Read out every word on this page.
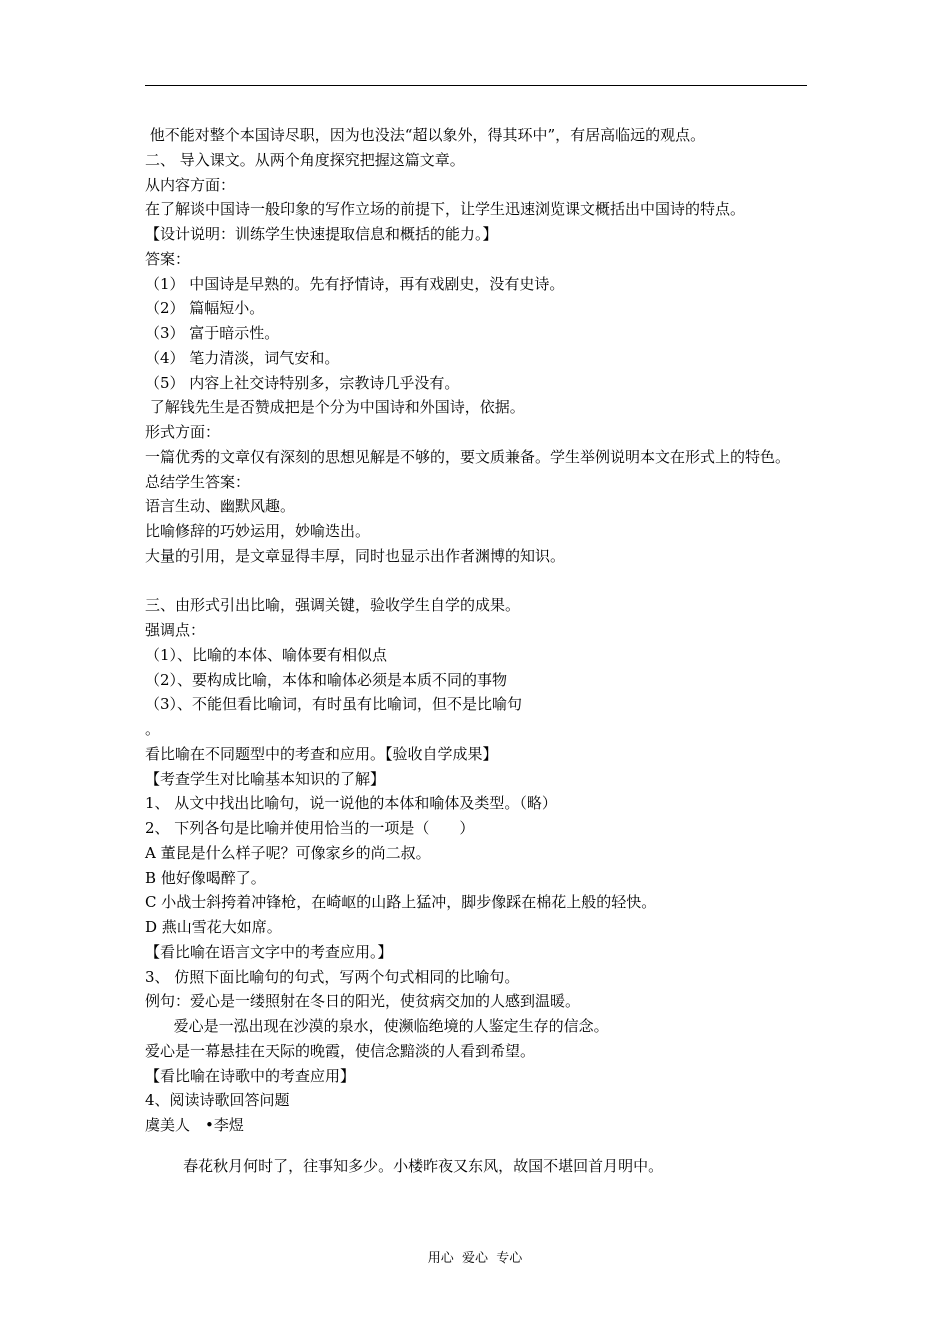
他不能对整个本国诗尽职，因为也没法“超以象外，得其环中”，有居高临远的观点。
二、 导入课文。从两个角度探究把握这篇文章。
从内容方面：
在了解谈中国诗一般印象的写作立场的前提下，让学生迅速浏览课文概括出中国诗的特点。
【设计说明：训练学生快速提取信息和概括的能力。】
答案：
（1） 中国诗是早熟的。先有抒情诗，再有戏剧史，没有史诗。
（2） 篇幅短小。
（3） 富于暗示性。
（4） 笔力清淡，词气安和。
（5） 内容上社交诗特别多，宗教诗几乎没有。
了解钱先生是否赞成把是个分为中国诗和外国诗，依据。
形式方面：
一篇优秀的文章仅有深刻的思想见解是不够的，要文质兼备。学生举例说明本文在形式上的特色。
总结学生答案：
语言生动、幽默风趣。
比喻修辞的巧妙运用，妙喻迭出。
大量的引用，是文章显得丰厚，同时也显示出作者渊博的知识。
三、由形式引出比喻，强调关键，验收学生自学的成果。
强调点：
（1）、比喻的本体、喻体要有相似点
（2）、要构成比喻，本体和喻体必须是本质不同的事物
（3）、不能但看比喻词，有时虽有比喻词，但不是比喻句
。
看比喻在不同题型中的考查和应用。【验收自学成果】
【考查学生对比喻基本知识的了解】
1、 从文中找出比喻句，说一说他的本体和喻体及类型。（略）
2、 下列各句是比喻并使用恰当的一项是（　　）
A 董昆是什么样子呢？可像家乡的尚二叔。
B 他好像喝醉了。
C 小战士斜挎着冲锋枪，在崎岖的山路上猛冲，脚步像踩在棉花上般的轻快。
D 燕山雪花大如席。
【看比喻在语言文字中的考查应用。】
3、 仿照下面比喻句的句式，写两个句式相同的比喻句。
例句：爱心是一缕照射在冬日的阳光，使贫病交加的人感到温暖。
爱心是一泓出现在沙漠的泉水，使濒临绝境的人鉴定生存的信念。
爱心是一幕悬挂在天际的晚霞，使信念黯淡的人看到希望。
【看比喻在诗歌中的考查应用】
4、阅读诗歌回答问题
虞美人　•李煜
春花秋月何时了，往事知多少。小楼昨夜又东风，故国不堪回首月明中。
用心  爱心  专心
